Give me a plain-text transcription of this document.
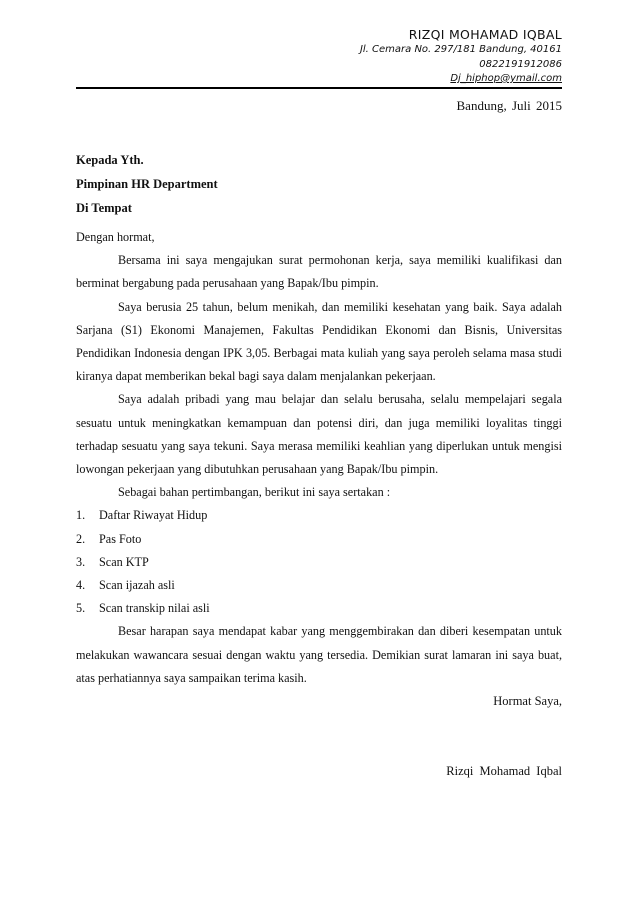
RIZQI MOHAMAD IQBAL
Jl. Cemara No. 297/181 Bandung, 40161
0822191912086
Dj_hiphop@ymail.com
Bandung, Juli 2015
Kepada Yth.
Pimpinan HR Department
Di Tempat

Dengan hormat,

Bersama ini saya mengajukan surat permohonan kerja, saya memiliki kualifikasi dan berminat bergabung pada perusahaan yang Bapak/Ibu pimpin.

Saya berusia 25 tahun, belum menikah, dan memiliki kesehatan yang baik. Saya adalah Sarjana (S1) Ekonomi Manajemen, Fakultas Pendidikan Ekonomi dan Bisnis, Universitas Pendidikan Indonesia dengan IPK 3,05. Berbagai mata kuliah yang saya peroleh selama masa studi kiranya dapat memberikan bekal bagi saya dalam menjalankan pekerjaan.

Saya adalah pribadi yang mau belajar dan selalu berusaha, selalu mempelajari segala sesuatu untuk meningkatkan kemampuan dan potensi diri, dan juga memiliki loyalitas tinggi terhadap sesuatu yang saya tekuni. Saya merasa memiliki keahlian yang diperlukan untuk mengisi lowongan pekerjaan yang dibutuhkan perusahaan yang Bapak/Ibu pimpin.

Sebagai bahan pertimbangan, berikut ini saya sertakan :

1.	Daftar Riwayat Hidup
2.	Pas Foto
3.	Scan KTP
4.	Scan ijazah asli
5.	Scan transkip nilai asli

Besar harapan saya mendapat kabar yang menggembirakan dan diberi kesempatan untuk melakukan wawancara sesuai dengan waktu yang tersedia. Demikian surat lamaran ini saya buat, atas perhatiannya saya sampaikan terima kasih.

Hormat Saya,
Rizqi Mohamad Iqbal
